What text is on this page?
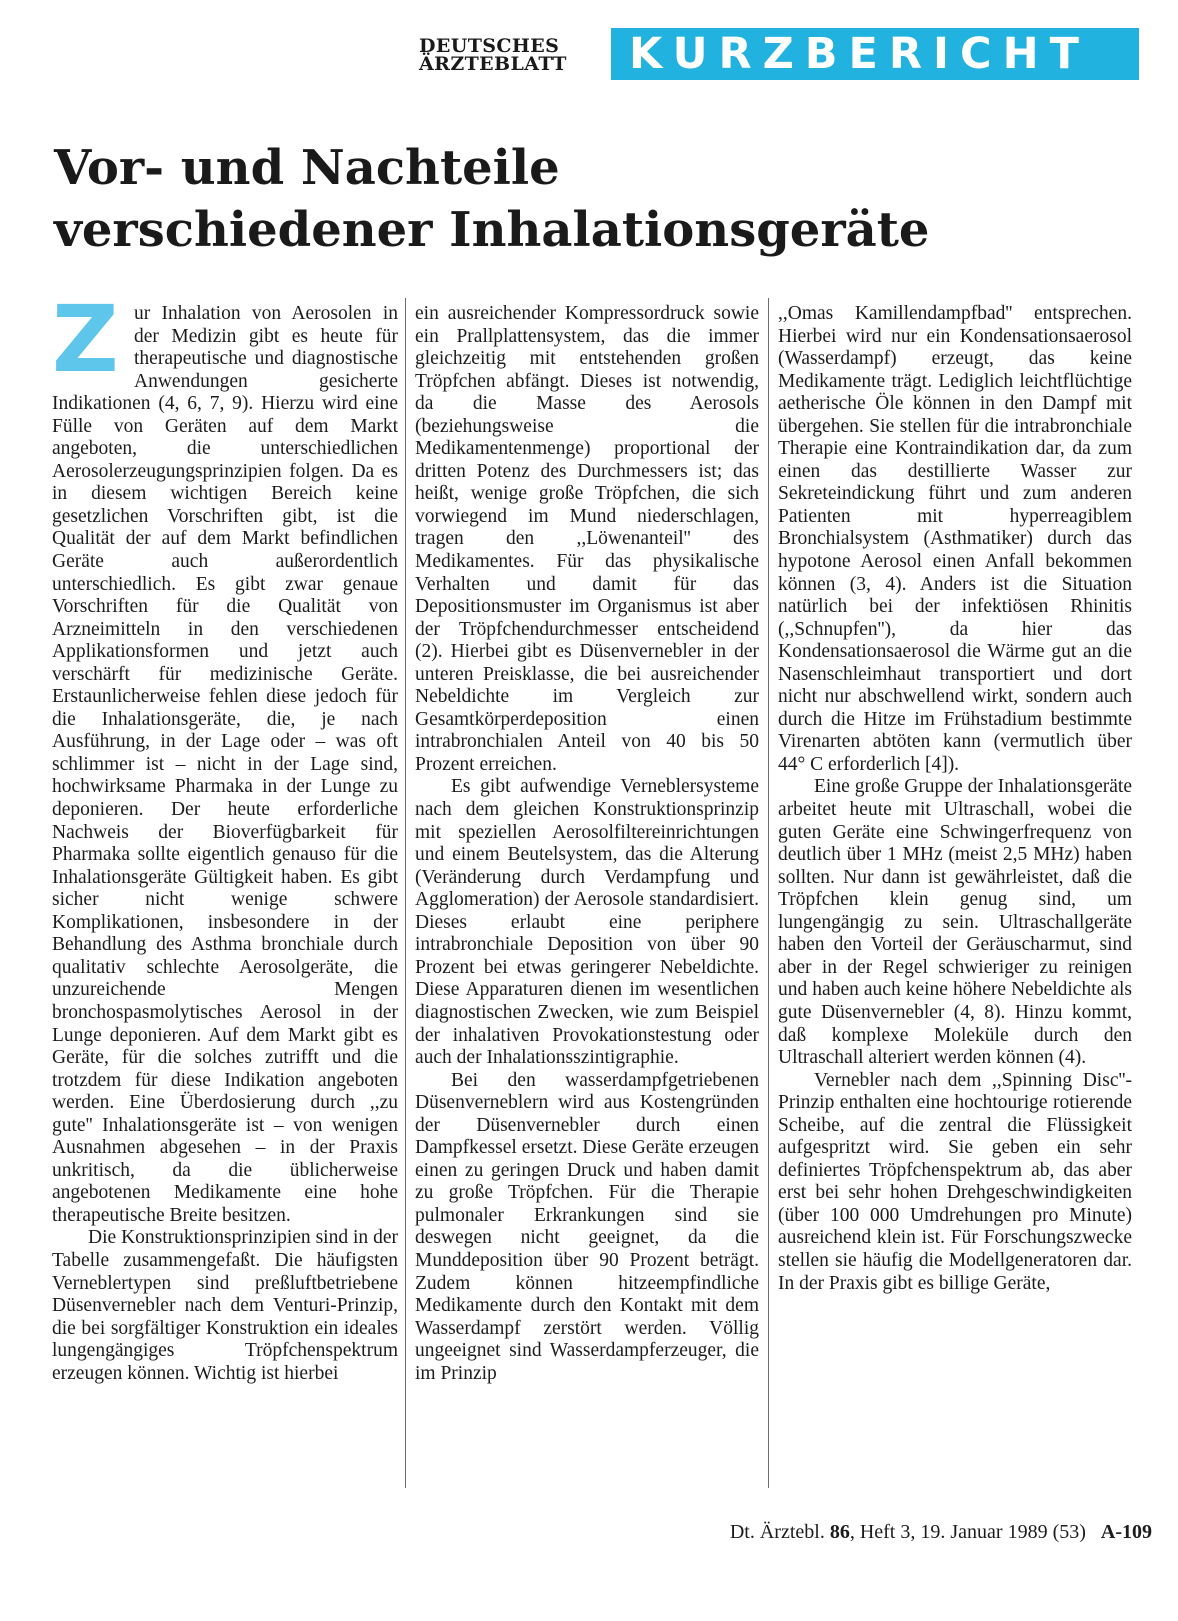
DEUTSCHES
ÄRZTEBLATT	KURZBERICHT
Vor- und Nachteile
verschiedener Inhalationsgeräte
Z ur Inhalation von Aerosolen in der Medizin gibt es heute für therapeutische und diagnostische Anwendungen gesicherte Indikationen (4, 6, 7, 9). Hierzu wird eine Fülle von Geräten auf dem Markt angeboten, die unterschiedlichen Aerosolerzeugungsprinzipien folgen. Da es in diesem wichtigen Bereich keine gesetzlichen Vorschriften gibt, ist die Qualität der auf dem Markt befindlichen Geräte auch außerordentlich unterschiedlich. Es gibt zwar genaue Vorschriften für die Qualität von Arzneimitteln in den verschiedenen Applikationsformen und jetzt auch verschärft für medizinische Geräte. Erstaunlicherweise fehlen diese jedoch für die Inhalationsgeräte, die, je nach Ausführung, in der Lage oder – was oft schlimmer ist – nicht in der Lage sind, hochwirksame Pharmaka in der Lunge zu deponieren. Der heute erforderliche Nachweis der Bioverfügbarkeit für Pharmaka sollte eigentlich genauso für die Inhalationsgeräte Gültigkeit haben. Es gibt sicher nicht wenige schwere Komplikationen, insbesondere in der Behandlung des Asthma bronchiale durch qualitativ schlechte Aerosolgeräte, die unzureichende Mengen bronchospasmolytisches Aerosol in der Lunge deponieren. Auf dem Markt gibt es Geräte, für die solches zutrifft und die trotzdem für diese Indikation angeboten werden. Eine Überdosierung durch ,,zu gute'' Inhalationsgeräte ist – von wenigen Ausnahmen abgesehen – in der Praxis unkritisch, da die üblicherweise angebotenen Medikamente eine hohe therapeutische Breite besitzen.

Die Konstruktionsprinzipien sind in der Tabelle zusammengefaßt. Die häufigsten Verneblertypen sind preßluftbetriebene Düsenvernebler nach dem Venturi-Prinzip, die bei sorgfältiger Konstruktion ein ideales lungengängiges Tröpfchenspektrum erzeugen können. Wichtig ist hierbei

ein ausreichender Kompressordruck sowie ein Prallplattensystem, das die immer gleichzeitig mit entstehenden großen Tröpfchen abfängt. Dieses ist notwendig, da die Masse des Aerosols (beziehungsweise die Medikamentenmenge) proportional der dritten Potenz des Durchmessers ist; das heißt, wenige große Tröpfchen, die sich vorwiegend im Mund niederschlagen, tragen den ,,Löwenanteil'' des Medikamentes. Für das physikalische Verhalten und damit für das Depositionsmuster im Organismus ist aber der Tröpfchendurchmesser entscheidend (2). Hierbei gibt es Düsenvernebler in der unteren Preisklasse, die bei ausreichender Nebeldichte im Vergleich zur Gesamtkörperdeposition einen intrabronchialen Anteil von 40 bis 50 Prozent erreichen.

Es gibt aufwendige Verneblersysteme nach dem gleichen Konstruktionsprinzip mit speziellen Aerosolfiltereinrichtungen und einem Beutelsystem, das die Alterung (Veränderung durch Verdampfung und Agglomeration) der Aerosole standardisiert. Dieses erlaubt eine periphere intrabronchiale Deposition von über 90 Prozent bei etwas geringerer Nebeldichte. Diese Apparaturen dienen im wesentlichen diagnostischen Zwecken, wie zum Beispiel der inhalativen Provokationstestung oder auch der Inhalationsszintigraphie.

Bei den wasserdampfgetriebenen Düsenverneblern wird aus Kostengründen der Düsenvernebler durch einen Dampfkessel ersetzt. Diese Geräte erzeugen einen zu geringen Druck und haben damit zu große Tröpfchen. Für die Therapie pulmonaler Erkrankungen sind sie deswegen nicht geeignet, da die Munddeposition über 90 Prozent beträgt. Zudem können hitzeempfindliche Medikamente durch den Kontakt mit dem Wasserdampf zerstört werden. Völlig ungeeignet sind Wasserdampferzeuger, die im Prinzip

,,Omas Kamillendampfbad'' entsprechen. Hierbei wird nur ein Kondensationsaerosol (Wasserdampf) erzeugt, das keine Medikamente trägt. Lediglich leichtflüchtige aetherische Öle können in den Dampf mit übergehen. Sie stellen für die intrabronchiale Therapie eine Kontraindikation dar, da zum einen das destillierte Wasser zur Sekreteindickung führt und zum anderen Patienten mit hyperreagiblem Bronchialsystem (Asthmatiker) durch das hypotone Aerosol einen Anfall bekommen können (3, 4). Anders ist die Situation natürlich bei der infektiösen Rhinitis (,,Schnupfen''), da hier das Kondensationsaerosol die Wärme gut an die Nasenschleimhaut transportiert und dort nicht nur abschwellend wirkt, sondern auch durch die Hitze im Frühstadium bestimmte Virenarten abtöten kann (vermutlich über 44° C erforderlich [4]).

Eine große Gruppe der Inhalationsgeräte arbeitet heute mit Ultraschall, wobei die guten Geräte eine Schwingerfrequenz von deutlich über 1 MHz (meist 2,5 MHz) haben sollten. Nur dann ist gewährleistet, daß die Tröpfchen klein genug sind, um lungengängig zu sein. Ultraschallgeräte haben den Vorteil der Geräuscharmut, sind aber in der Regel schwieriger zu reinigen und haben auch keine höhere Nebeldichte als gute Düsenvernebler (4, 8). Hinzu kommt, daß komplexe Moleküle durch den Ultraschall alteriert werden können (4).

Vernebler nach dem ,,Spinning Disc''-Prinzip enthalten eine hochtourige rotierende Scheibe, auf die zentral die Flüssigkeit aufgespritzt wird. Sie geben ein sehr definiertes Tröpfchenspektrum ab, das aber erst bei sehr hohen Drehgeschwindigkeiten (über 100 000 Umdrehungen pro Minute) ausreichend klein ist. Für Forschungszwecke stellen sie häufig die Modellgeneratoren dar. In der Praxis gibt es billige Geräte,

Dt. Ärztebl. 86, Heft 3, 19. Januar 1989 (53) A-109
